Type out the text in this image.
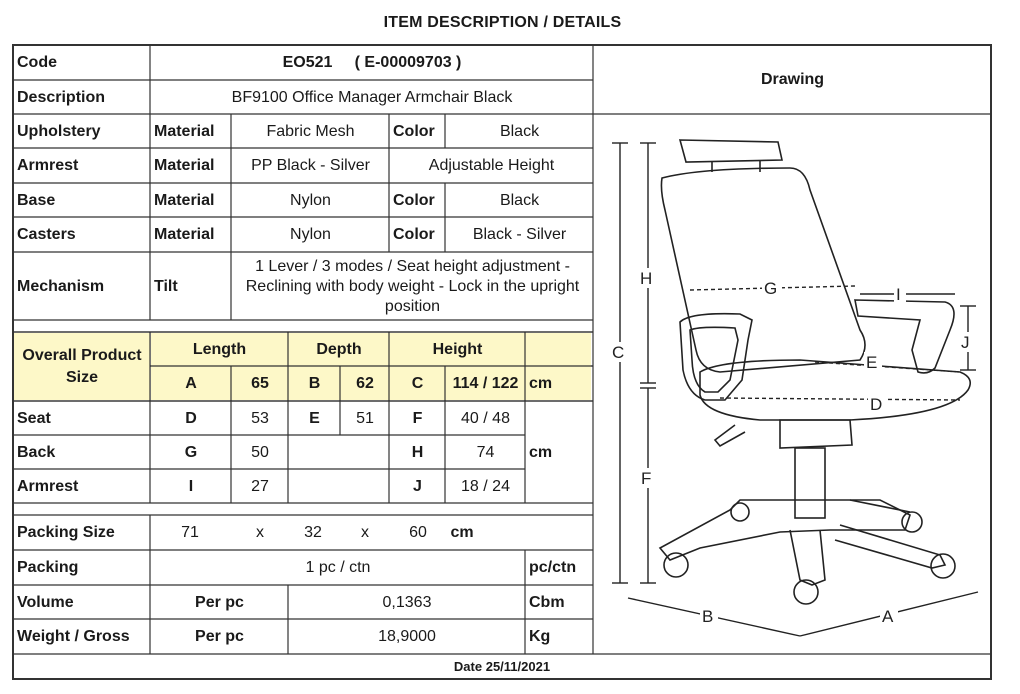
ITEM DESCRIPTION / DETAILS
Code	EO521     ( E-00009703 )
Description	BF9100 Office Manager Armchair Black
Drawing
Upholstery	Material	Fabric Mesh	Color	Black
Armrest	Material	PP Black - Silver	Adjustable Height
Base	Material	Nylon	Color	Black
Casters	Material	Nylon	Color	Black - Silver
Mechanism	Tilt
1 Lever / 3 modes / Seat height adjustment -
Reclining with body weight - Lock in the upright
position
Overall Product
Size
Length	Depth	Height
A	65	B	62	C	114 / 122 cm
Seat	D	53	E	51	F	40 / 48
Back	G	50	H	74	cm
Armrest	I	27	J	18 / 24
Packing Size	71	x	32	x	60	cm
Packing	1 pc / ctn	pc/ctn
Volume	Per pc	0,1363	Cbm
Weight / Gross	Per pc	18,9000	Kg
Date 25/11/2021
C
H
F
G	I
J
E
D
B	A
